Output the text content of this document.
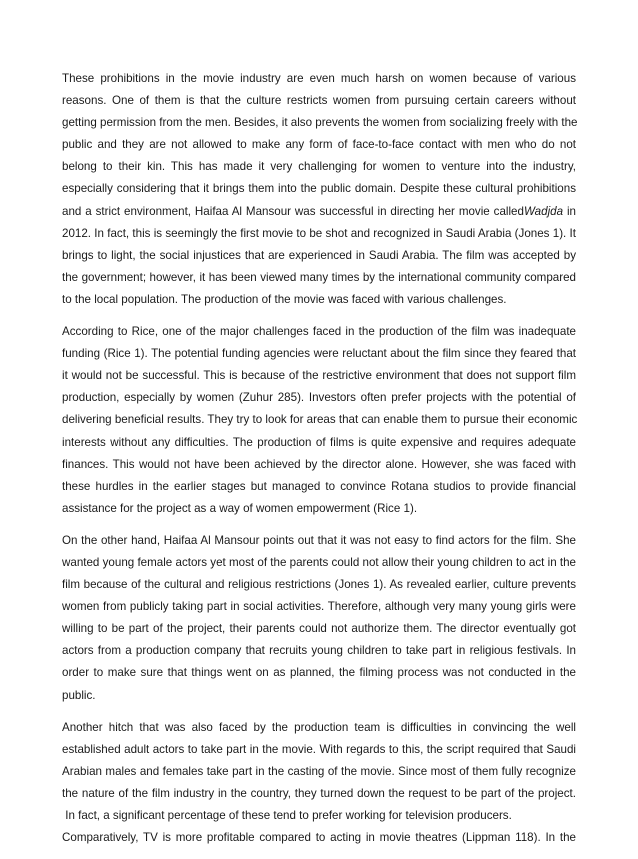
These prohibitions in the movie industry are even much harsh on women because of various
reasons. One of them is that the culture restricts women from pursuing certain careers without
getting permission from the men. Besides, it also prevents the women from socializing freely with the
public and they are not allowed to make any form of face-to-face contact with men who do not
belong to their kin. This has made it very challenging for women to venture into the industry,
especially considering that it brings them into the public domain. Despite these cultural prohibitions
and a strict environment, Haifaa Al Mansour was successful in directing her movie calledWadjda in
2012. In fact, this is seemingly the first movie to be shot and recognized in Saudi Arabia (Jones 1). It
brings to light, the social injustices that are experienced in Saudi Arabia. The film was accepted by
the government; however, it has been viewed many times by the international community compared
to the local population. The production of the movie was faced with various challenges.

According to Rice, one of the major challenges faced in the production of the film was inadequate
funding (Rice 1). The potential funding agencies were reluctant about the film since they feared that
it would not be successful. This is because of the restrictive environment that does not support film
production, especially by women (Zuhur 285). Investors often prefer projects with the potential of
delivering beneficial results. They try to look for areas that can enable them to pursue their economic
interests without any difficulties. The production of films is quite expensive and requires adequate
finances. This would not have been achieved by the director alone. However, she was faced with
these hurdles in the earlier stages but managed to convince Rotana studios to provide financial
assistance for the project as a way of women empowerment (Rice 1).

On the other hand, Haifaa Al Mansour points out that it was not easy to find actors for the film. She
wanted young female actors yet most of the parents could not allow their young children to act in the
film because of the cultural and religious restrictions (Jones 1). As revealed earlier, culture prevents
women from publicly taking part in social activities. Therefore, although very many young girls were
willing to be part of the project, their parents could not authorize them. The director eventually got
actors from a production company that recruits young children to take part in religious festivals. In
order to make sure that things went on as planned, the filming process was not conducted in the
public.

Another hitch that was also faced by the production team is difficulties in convincing the well
established adult actors to take part in the movie. With regards to this, the script required that Saudi
Arabian males and females take part in the casting of the movie. Since most of them fully recognize
the nature of the film industry in the country, they turned down the request to be part of the project.
In fact, a significant percentage of these tend to prefer working for television producers.
Comparatively, TV is more profitable compared to acting in movie theatres (Lippman 118). In the
